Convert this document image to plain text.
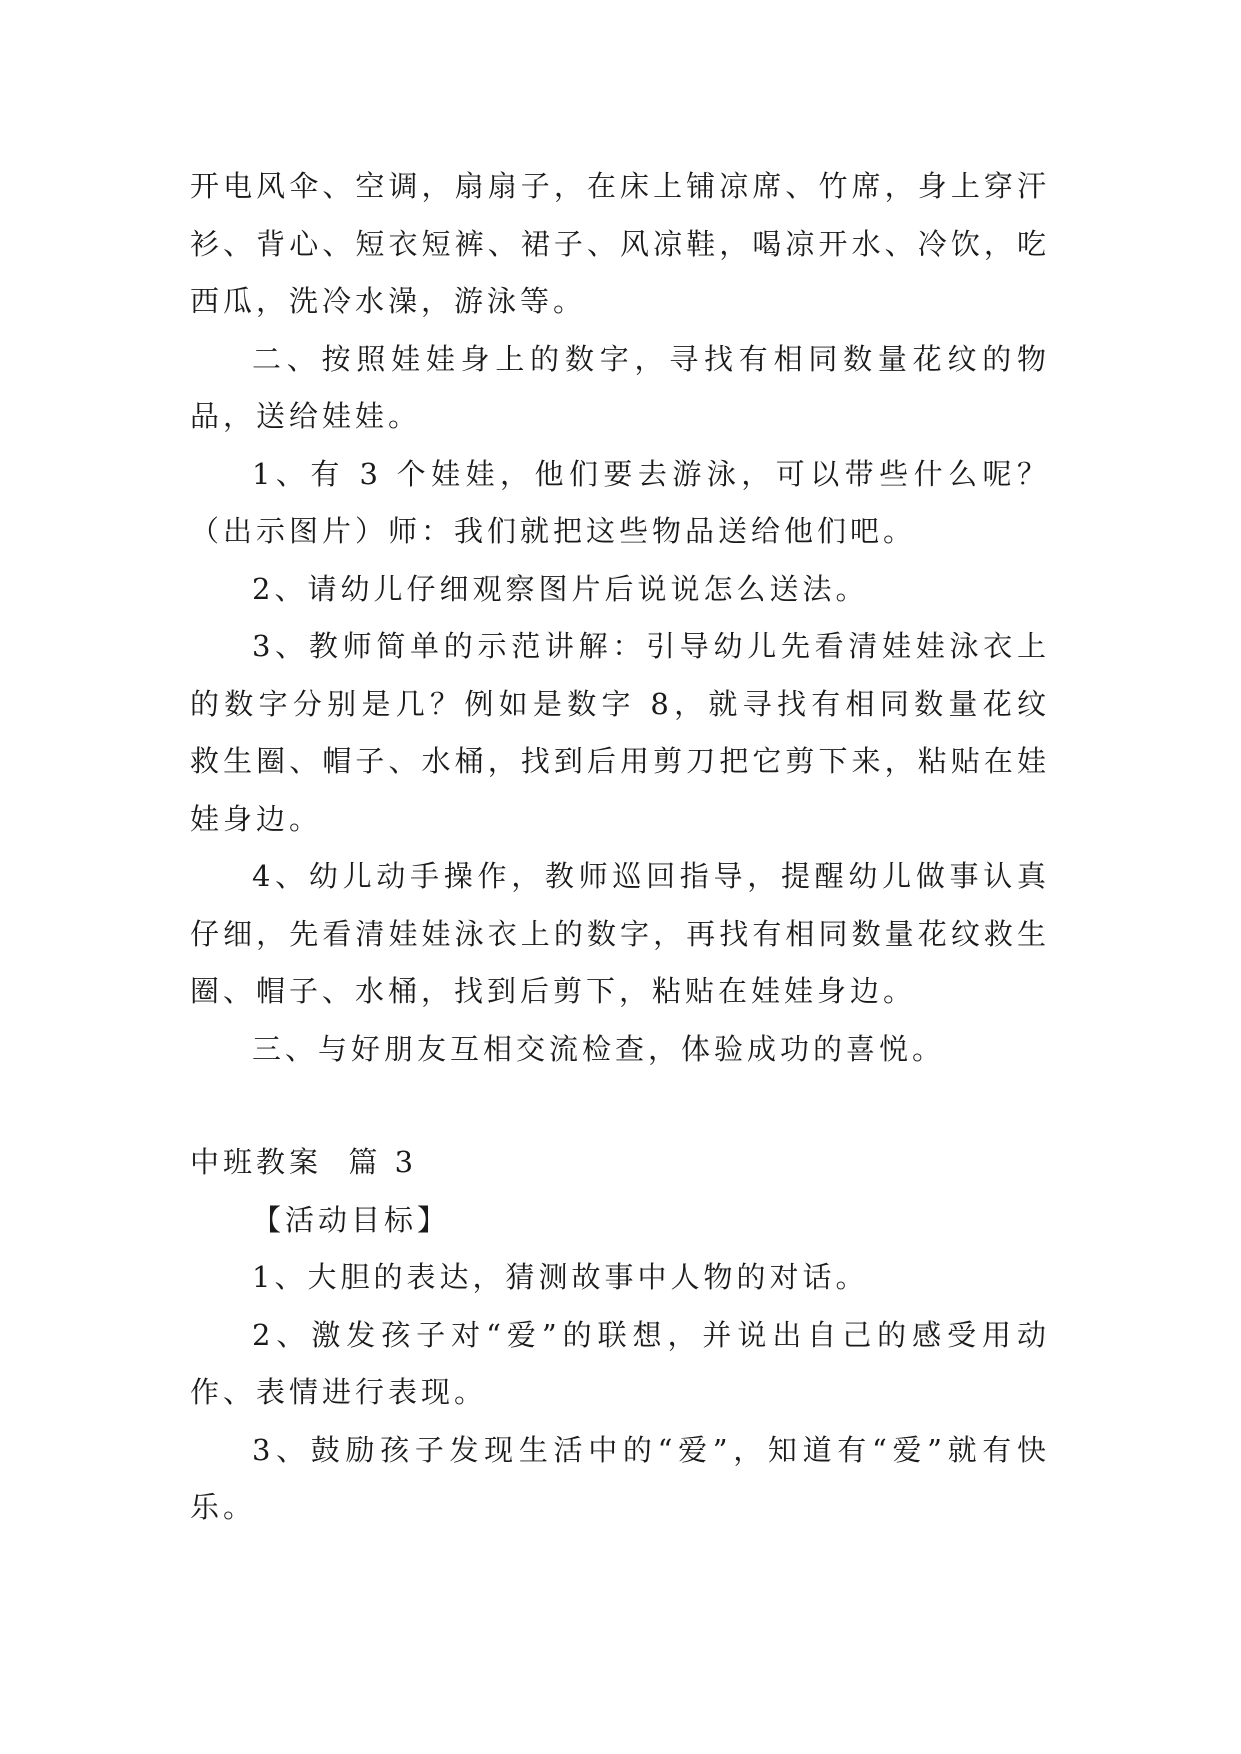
开电风伞、空调，扇扇子，在床上铺凉席、竹席，身上穿汗衫、背心、短衣短裤、裙子、风凉鞋，喝凉开水、冷饮，吃西瓜，洗冷水澡，游泳等。

二、按照娃娃身上的数字，寻找有相同数量花纹的物品，送给娃娃。

1、有 3 个娃娃，他们要去游泳，可以带些什么呢？（出示图片）师：我们就把这些物品送给他们吧。

2、请幼儿仔细观察图片后说说怎么送法。

3、教师简单的示范讲解：引导幼儿先看清娃娃泳衣上的数字分别是几？例如是数字 8，就寻找有相同数量花纹救生圈、帽子、水桶，找到后用剪刀把它剪下来，粘贴在娃娃身边。

4、幼儿动手操作，教师巡回指导，提醒幼儿做事认真仔细，先看清娃娃泳衣上的数字，再找有相同数量花纹救生圈、帽子、水桶，找到后剪下，粘贴在娃娃身边。

三、与好朋友互相交流检查，体验成功的喜悦。

中班教案  篇 3

【活动目标】

1、大胆的表达，猜测故事中人物的对话。

2、激发孩子对“爱”的联想，并说出自己的感受用动作、表情进行表现。

3、鼓励孩子发现生活中的“爱”，知道有“爱”就有快乐。
